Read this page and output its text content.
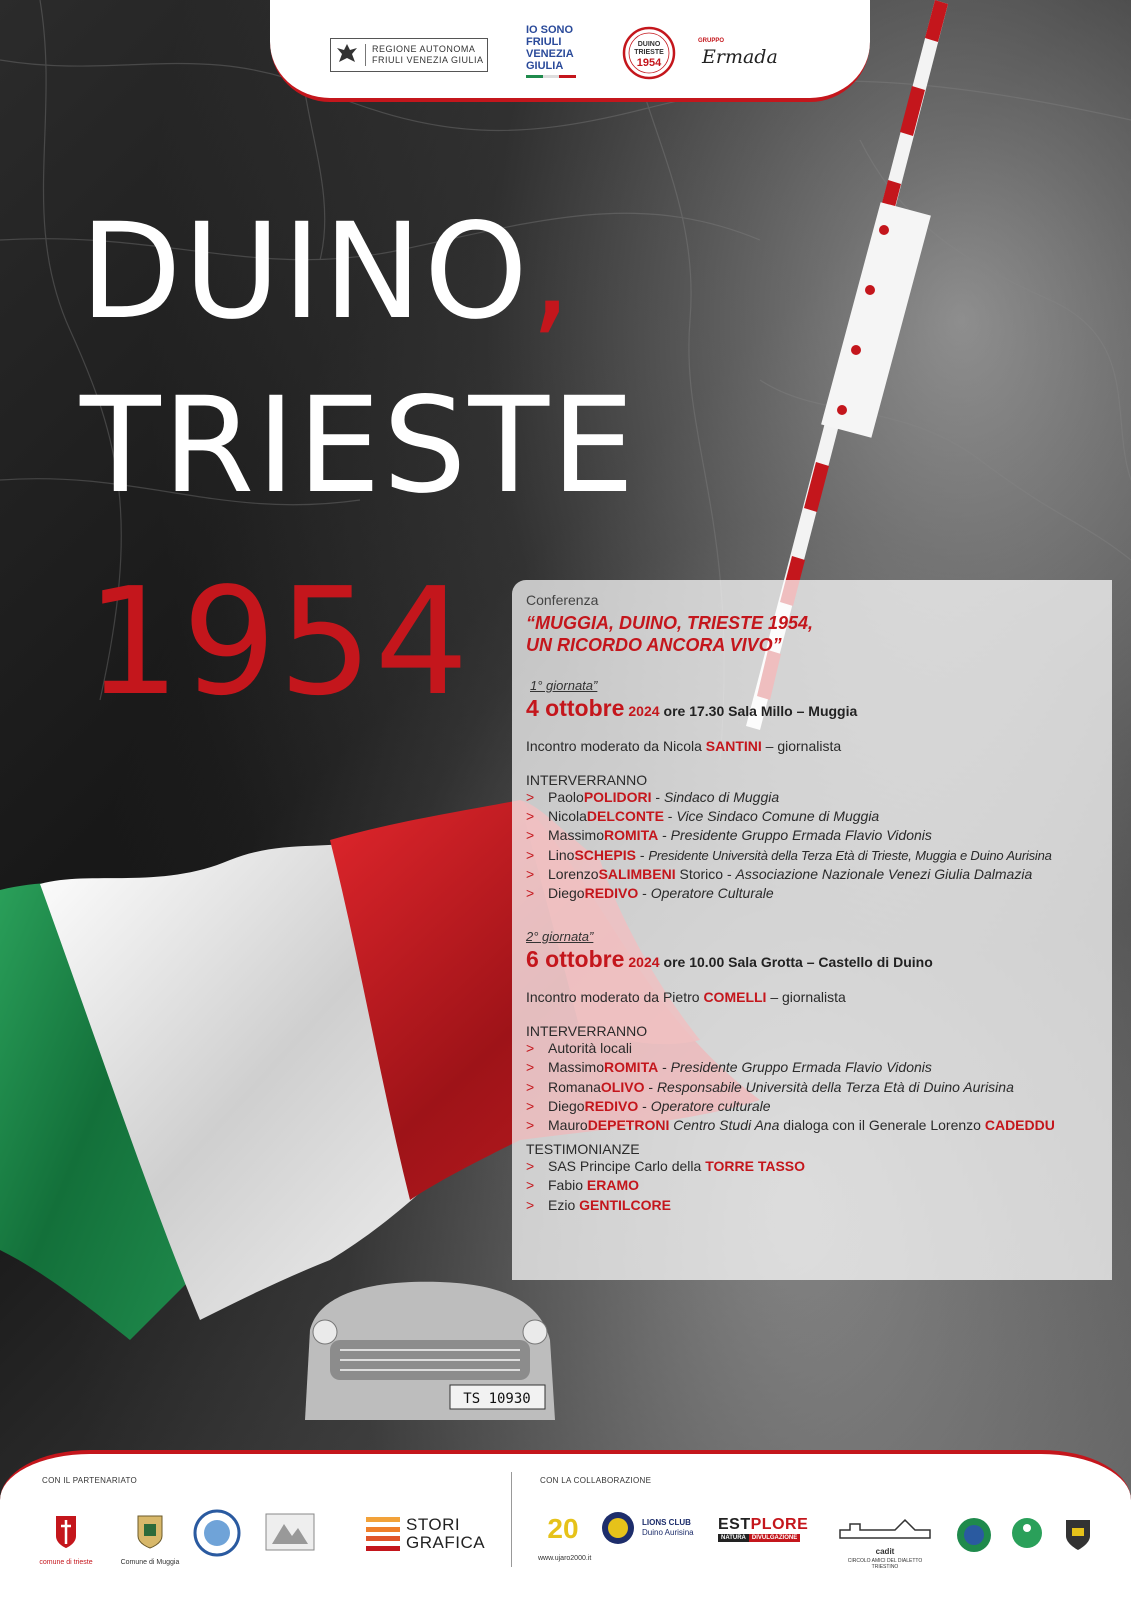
REGIONE AUTONOMA
FRIULI VENEZIA GIULIA
IO SONO
FRIULI
VENEZIA
GIULIA
DUINO
TRIESTE
1954
GRUPPO
Ermada
DUINO,
TRIESTE
1954	Conferenza
“MUGGIA, DUINO, TRIESTE 1954,
UN RICORDO ANCORA VIVO”
1° giornata”
4 ottobre 2024 ore 17.30 Sala Millo – Muggia
Incontro moderato da Nicola SANTINI – giornalista
INTERVERRANNO
> Paolo POLIDORI - Sindaco di Muggia
> Nicola DELCONTE - Vice Sindaco Comune di Muggia
> Massimo ROMITA - Presidente Gruppo Ermada Flavio Vidonis
> Lino SCHEPIS - Presidente Università della Terza Età di Trieste, Muggia e Duino Aurisina
> Lorenzo SALIMBENI Storico - Associazione Nazionale Venezi Giulia Dalmazia
> Diego REDIVO - Operatore Culturale
2° giornata”
6 ottobre 2024 ore 10.00 Sala Grotta – Castello di Duino
Incontro moderato da Pietro COMELLI – giornalista
INTERVERRANNO
> Autorità locali
> Massimo ROMITA - Presidente Gruppo Ermada Flavio Vidonis
> Romana OLIVO - Responsabile Università della Terza Età di Duino Aurisina
> Diego REDIVO - Operatore culturale
> Mauro DEPETRONI
Centro Studi Ana dialoga con il Generale Lorenzo CADEDDU
TESTIMONIANZE
> SAS Principe Carlo della TORRE TASSO
> Fabio ERAMO
> Ezio GENTILCORE
TS 10930
CON IL PARTENARIATO	CON LA COLLABORAZIONE
comune di trieste	Comune di Muggia
STORI
GRAFICA 20
www.ujaro2000.it
LIONS CLUB
Duino Aurisina ESTPLORE
NATURA	DIVULGAZIONE
cadit
CIRCOLO AMICI DEL DIALETTO TRIESTINO
